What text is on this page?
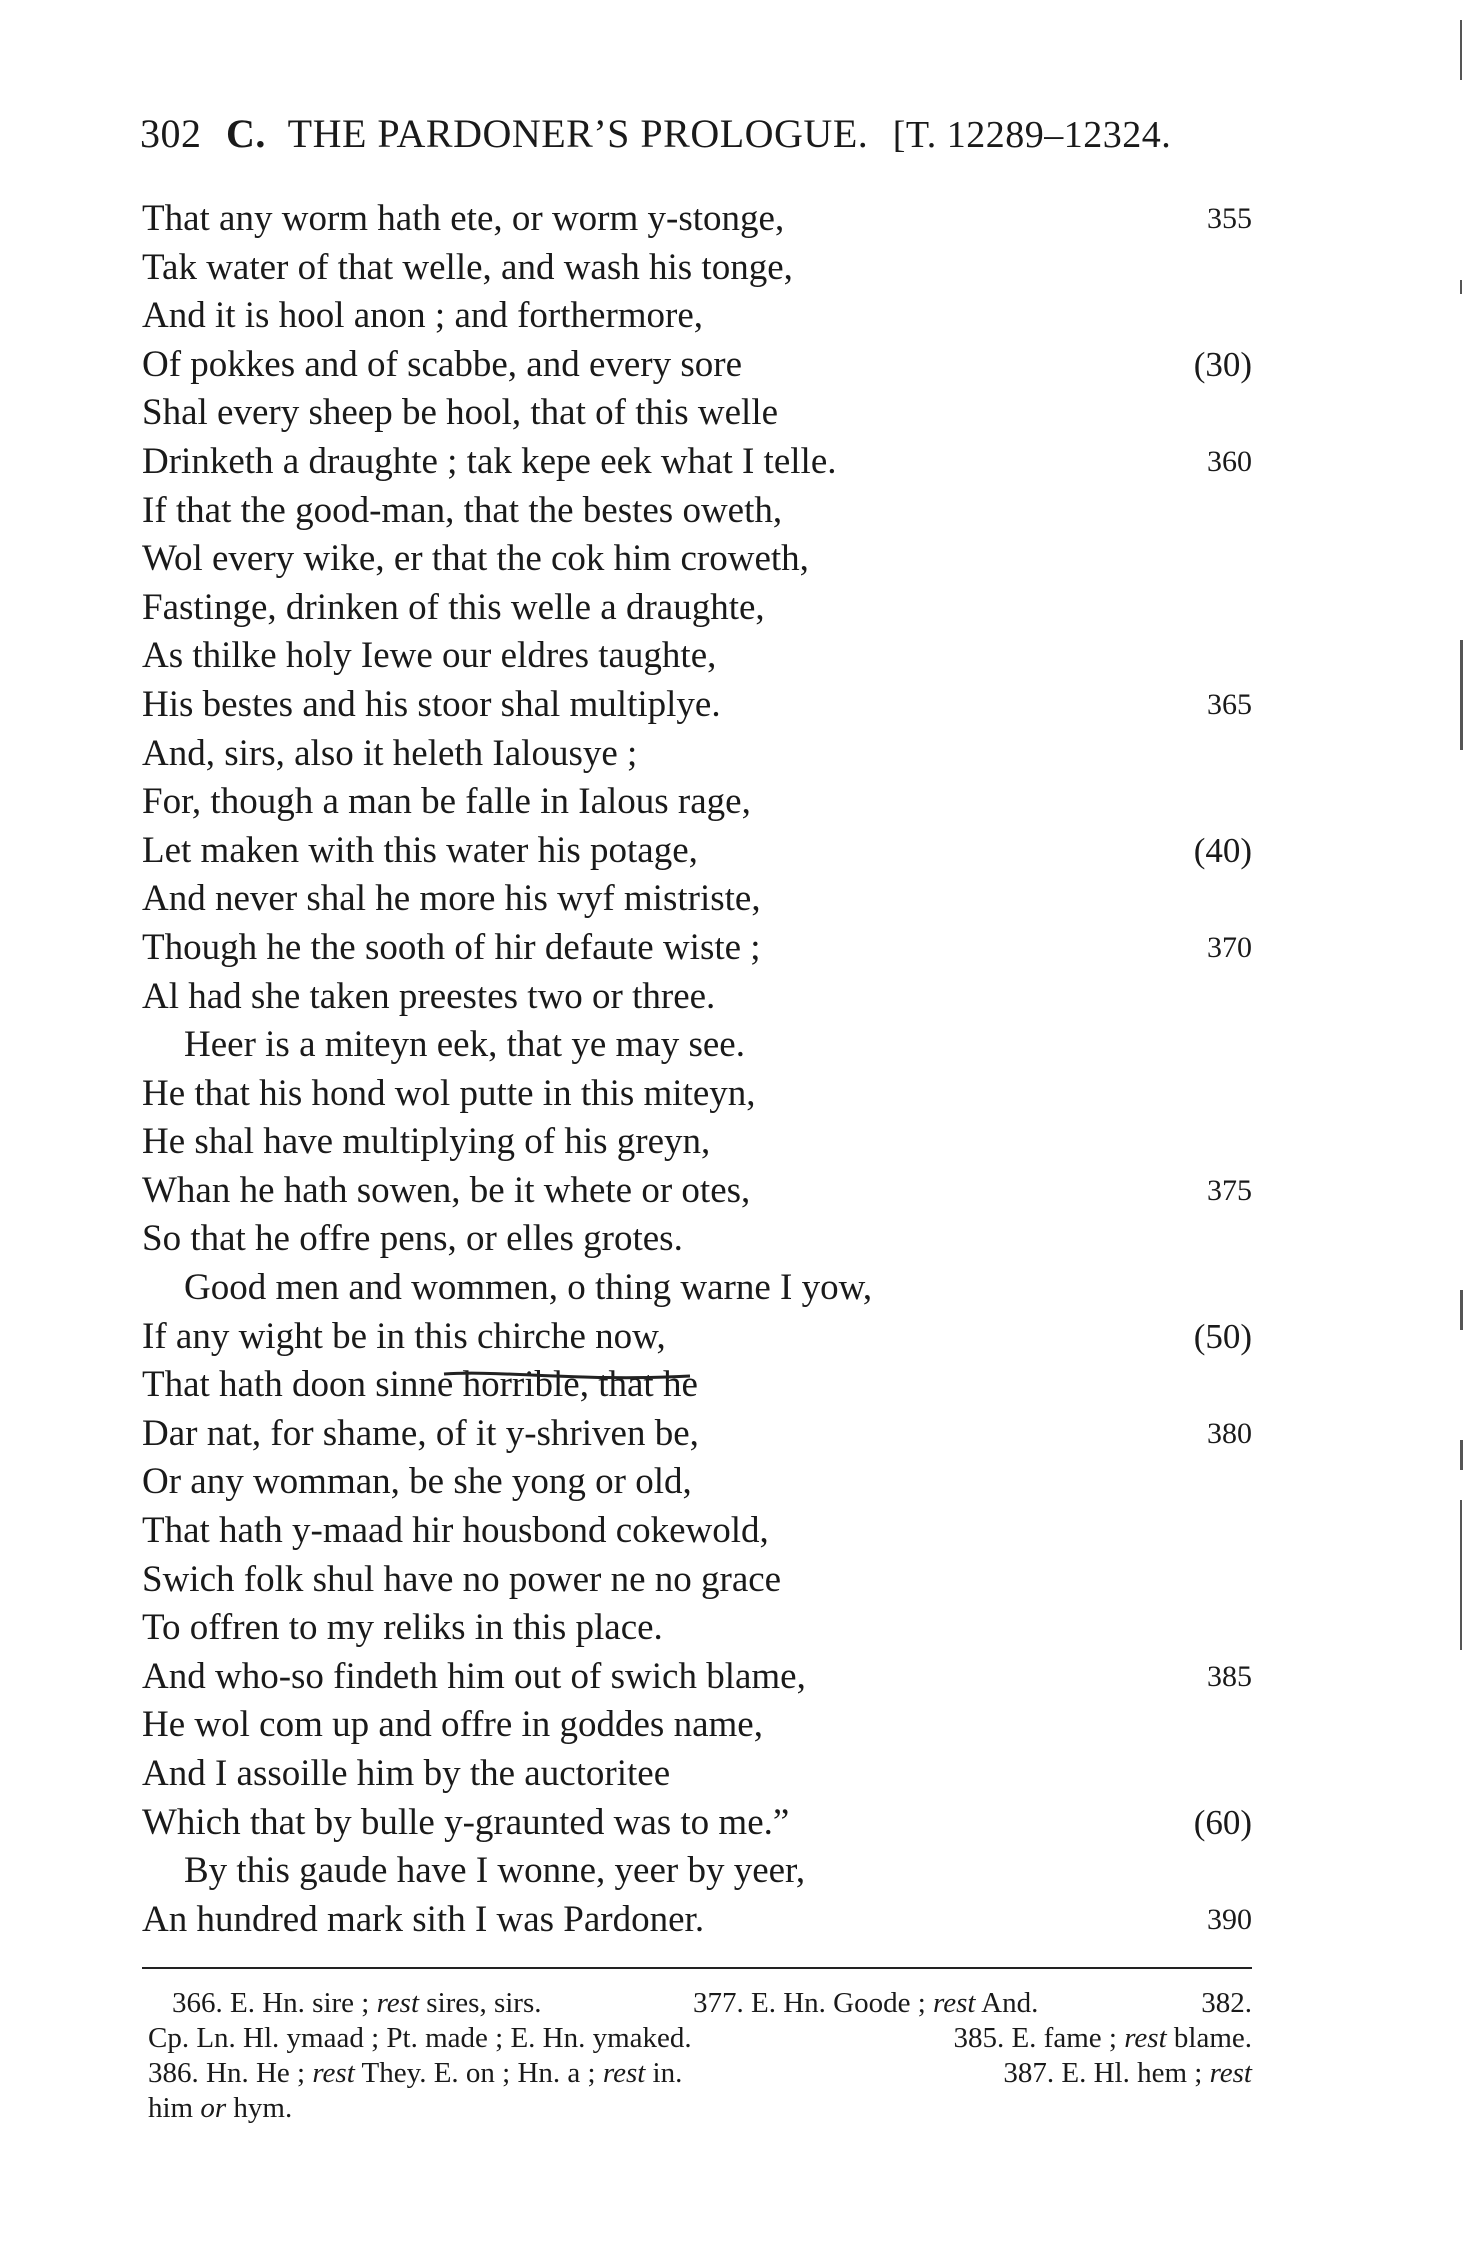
302 C. THE PARDONER’S PROLOGUE. [T. 12289–12324.
That any worm hath ete, or worm y-stonge,	355
Tak water of that welle, and wash his tonge,
And it is hool anon ; and forthermore,
Of pokkes and of scabbe, and every sore	(30)
Shal every sheep be hool, that of this welle
Drinketh a draughte ; tak kepe eek what I telle.	360
If that the good-man, that the bestes oweth,
Wol every wike, er that the cok him croweth,
Fastinge, drinken of this welle a draughte,
As thilke holy Iewe our eldres taughte,
His bestes and his stoor shal multiplye.	365
And, sirs, also it heleth Ialousye ;
For, though a man be falle in Ialous rage,
Let maken with this water his potage,	(40)
And never shal he more his wyf mistriste,
Though he the sooth of hir defaute wiste ;	370
Al had she taken preestes two or three.
Heer is a miteyn eek, that ye may see.
He that his hond wol putte in this miteyn,
He shal have multiplying of his greyn,
Whan he hath sowen, be it whete or otes,	375
So that he offre pens, or elles grotes.
Good men and wommen, o thing warne I yow,
If any wight be in this chirche now,	(50)
That hath doon sinne horrible, that he
Dar nat, for shame, of it y-shriven be,	380
Or any womman, be she yong or old,
That hath y-maad hir housbond cokewold,
Swich folk shul have no power ne no grace
To offren to my reliks in this place.
And who-so findeth him out of swich blame,	385
He wol com up and offre in goddes name,
And I assoille him by the auctoritee
Which that by bulle y-graunted was to me.”	(60)
By this gaude have I wonne, yeer by yeer,
An hundred mark sith I was Pardoner.	390
366. E. Hn. sire ; rest sires, sirs.	377. E. Hn. Goode ; rest And.	382.
Cp. Ln. Hl. ymaad ; Pt. made ; E. Hn. ymaked.	385. E. fame ; rest blame.
386. Hn. He ; rest They. E. on ; Hn. a ; rest in.	387. E. Hl. hem ; rest
him or hym.
